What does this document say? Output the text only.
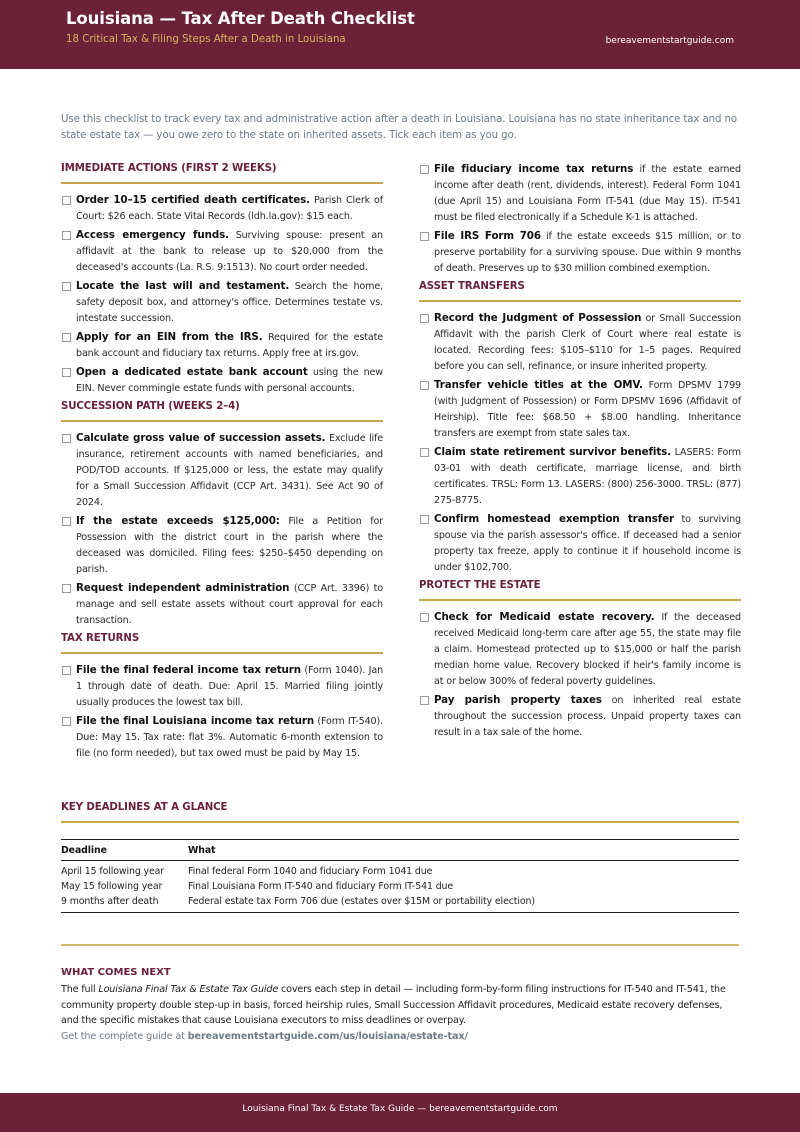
Louisiana — Tax After Death Checklist
18 Critical Tax & Filing Steps After a Death in Louisiana	bereavementstartguide.com

Use this checklist to track every tax and administrative action after a death in Louisiana. Louisiana has no state inheritance tax and no state estate tax — you owe zero to the state on inherited assets. Tick each item as you go.

IMMEDIATE ACTIONS (FIRST 2 WEEKS)
Order 10–15 certified death certificates. Parish Clerk of Court: $26 each. State Vital Records (ldh.la.gov): $15 each.
Access emergency funds. Surviving spouse: present an affidavit at the bank to release up to $20,000 from the deceased's accounts (La. R.S. 9:1513). No court order needed.
Locate the last will and testament. Search the home, safety deposit box, and attorney's office. Determines testate vs. intestate succession.
Apply for an EIN from the IRS. Required for the estate bank account and fiduciary tax returns. Apply free at irs.gov.
Open a dedicated estate bank account using the new EIN. Never commingle estate funds with personal accounts.
SUCCESSION PATH (WEEKS 2–4)
Calculate gross value of succession assets. Exclude life insurance, retirement accounts with named beneficiaries, and POD/TOD accounts. If $125,000 or less, the estate may qualify for a Small Succession Affidavit (CCP Art. 3431). See Act 90 of 2024.
If the estate exceeds $125,000: File a Petition for Possession with the district court in the parish where the deceased was domiciled. Filing fees: $250–$450 depending on parish.
Request independent administration (CCP Art. 3396) to manage and sell estate assets without court approval for each transaction.
TAX RETURNS
File the final federal income tax return (Form 1040). Jan 1 through date of death. Due: April 15. Married filing jointly usually produces the lowest tax bill.
File the final Louisiana income tax return (Form IT-540). Due: May 15. Tax rate: flat 3%. Automatic 6-month extension to file (no form needed), but tax owed must be paid by May 15.
File fiduciary income tax returns if the estate earned income after death (rent, dividends, interest). Federal Form 1041 (due April 15) and Louisiana Form IT-541 (due May 15). IT-541 must be filed electronically if a Schedule K-1 is attached.
File IRS Form 706 if the estate exceeds $15 million, or to preserve portability for a surviving spouse. Due within 9 months of death. Preserves up to $30 million combined exemption.
ASSET TRANSFERS
Record the Judgment of Possession or Small Succession Affidavit with the parish Clerk of Court where real estate is located. Recording fees: $105–$110 for 1–5 pages. Required before you can sell, refinance, or insure inherited property.
Transfer vehicle titles at the OMV. Form DPSMV 1799 (with Judgment of Possession) or Form DPSMV 1696 (Affidavit of Heirship). Title fee: $68.50 + $8.00 handling. Inheritance transfers are exempt from state sales tax.
Claim state retirement survivor benefits. LASERS: Form 03-01 with death certificate, marriage license, and birth certificates. TRSL: Form 13. LASERS: (800) 256-3000. TRSL: (877) 275-8775.
Confirm homestead exemption transfer to surviving spouse via the parish assessor's office. If deceased had a senior property tax freeze, apply to continue it if household income is under $102,700.
PROTECT THE ESTATE
Check for Medicaid estate recovery. If the deceased received Medicaid long-term care after age 55, the state may file a claim. Homestead protected up to $15,000 or half the parish median home value. Recovery blocked if heir's family income is at or below 300% of federal poverty guidelines.
Pay parish property taxes on inherited real estate throughout the succession process. Unpaid property taxes can result in a tax sale of the home.
KEY DEADLINES AT A GLANCE
Deadline	What
April 15 following year	Final federal Form 1040 and fiduciary Form 1041 due
May 15 following year	Final Louisiana Form IT-540 and fiduciary Form IT-541 due
9 months after death	Federal estate tax Form 706 due (estates over $15M or portability election)
WHAT COMES NEXT

The full Louisiana Final Tax & Estate Tax Guide covers each step in detail — including form-by-form filing instructions for IT-540 and IT-541, the community property double step-up in basis, forced heirship rules, Small Succession Affidavit procedures, Medicaid estate recovery defenses, and the specific mistakes that cause Louisiana executors to miss deadlines or overpay.

Get the complete guide at bereavementstartguide.com/us/louisiana/estate-tax/

Louisiana Final Tax & Estate Tax Guide — bereavementstartguide.com
